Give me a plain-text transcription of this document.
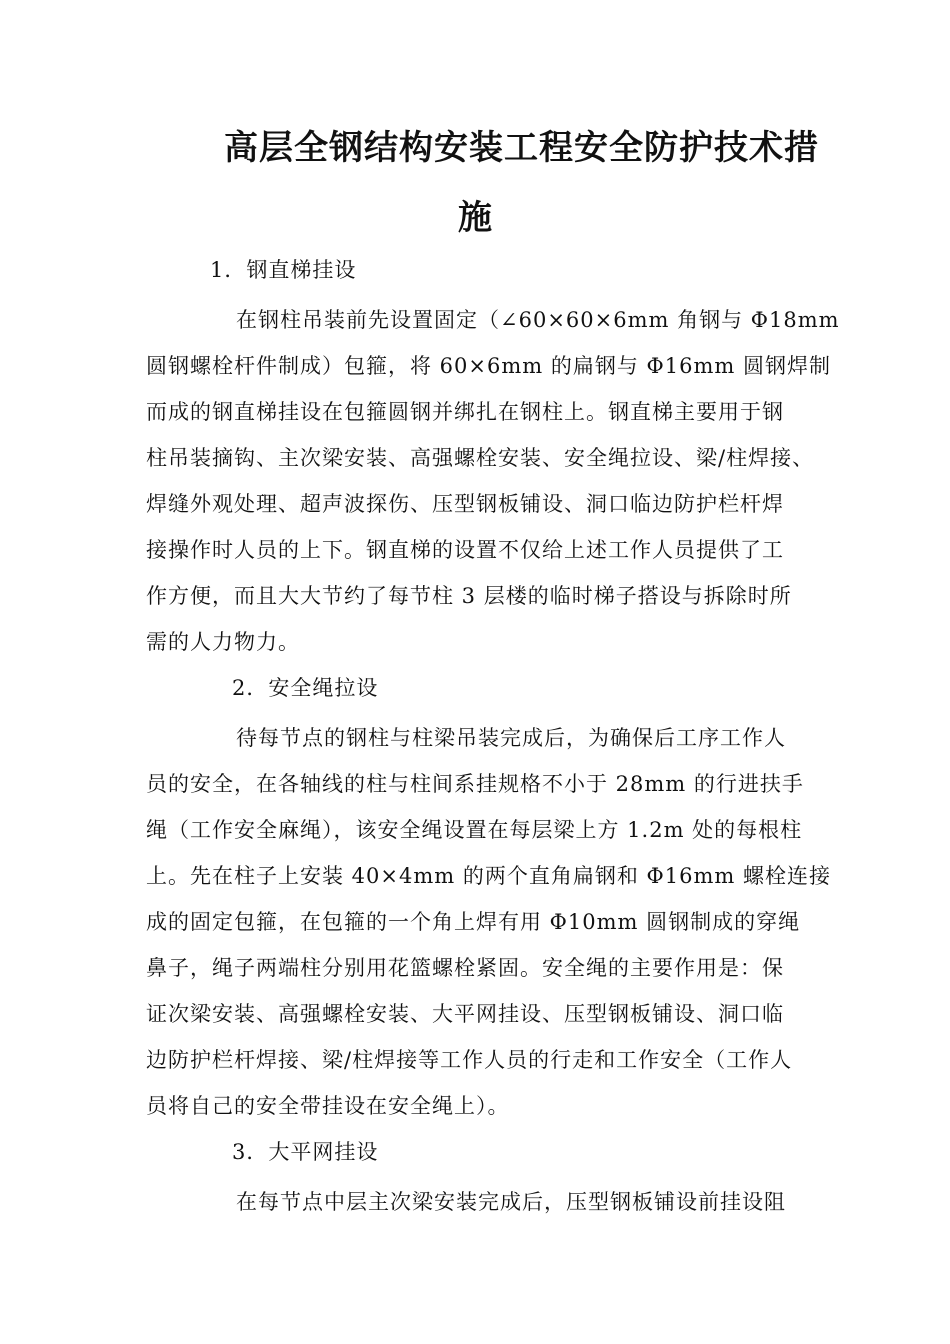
高层全钢结构安装工程安全防护技术措
施
1．钢直梯挂设
在钢柱吊装前先设置固定（∠60×60×6mm 角钢与 Φ18mm
圆钢螺栓杆件制成）包箍，将 60×6mm 的扁钢与 Φ16mm 圆钢焊制
而成的钢直梯挂设在包箍圆钢并绑扎在钢柱上。钢直梯主要用于钢
柱吊装摘钩、主次梁安装、高强螺栓安装、安全绳拉设、梁/柱焊接、
焊缝外观处理、超声波探伤、压型钢板铺设、洞口临边防护栏杆焊
接操作时人员的上下。钢直梯的设置不仅给上述工作人员提供了工
作方便，而且大大节约了每节柱 3 层楼的临时梯子搭设与拆除时所
需的人力物力。
2．安全绳拉设
待每节点的钢柱与柱梁吊装完成后，为确保后工序工作人
员的安全，在各轴线的柱与柱间系挂规格不小于 28mm 的行进扶手
绳（工作安全麻绳），该安全绳设置在每层梁上方 1.2m 处的每根柱
上。先在柱子上安装 40×4mm 的两个直角扁钢和 Φ16mm 螺栓连接
成的固定包箍，在包箍的一个角上焊有用 Φ10mm 圆钢制成的穿绳
鼻子，绳子两端柱分别用花篮螺栓紧固。安全绳的主要作用是：保
证次梁安装、高强螺栓安装、大平网挂设、压型钢板铺设、洞口临
边防护栏杆焊接、梁/柱焊接等工作人员的行走和工作安全（工作人
员将自己的安全带挂设在安全绳上）。
3．大平网挂设
在每节点中层主次梁安装完成后，压型钢板铺设前挂设阻
